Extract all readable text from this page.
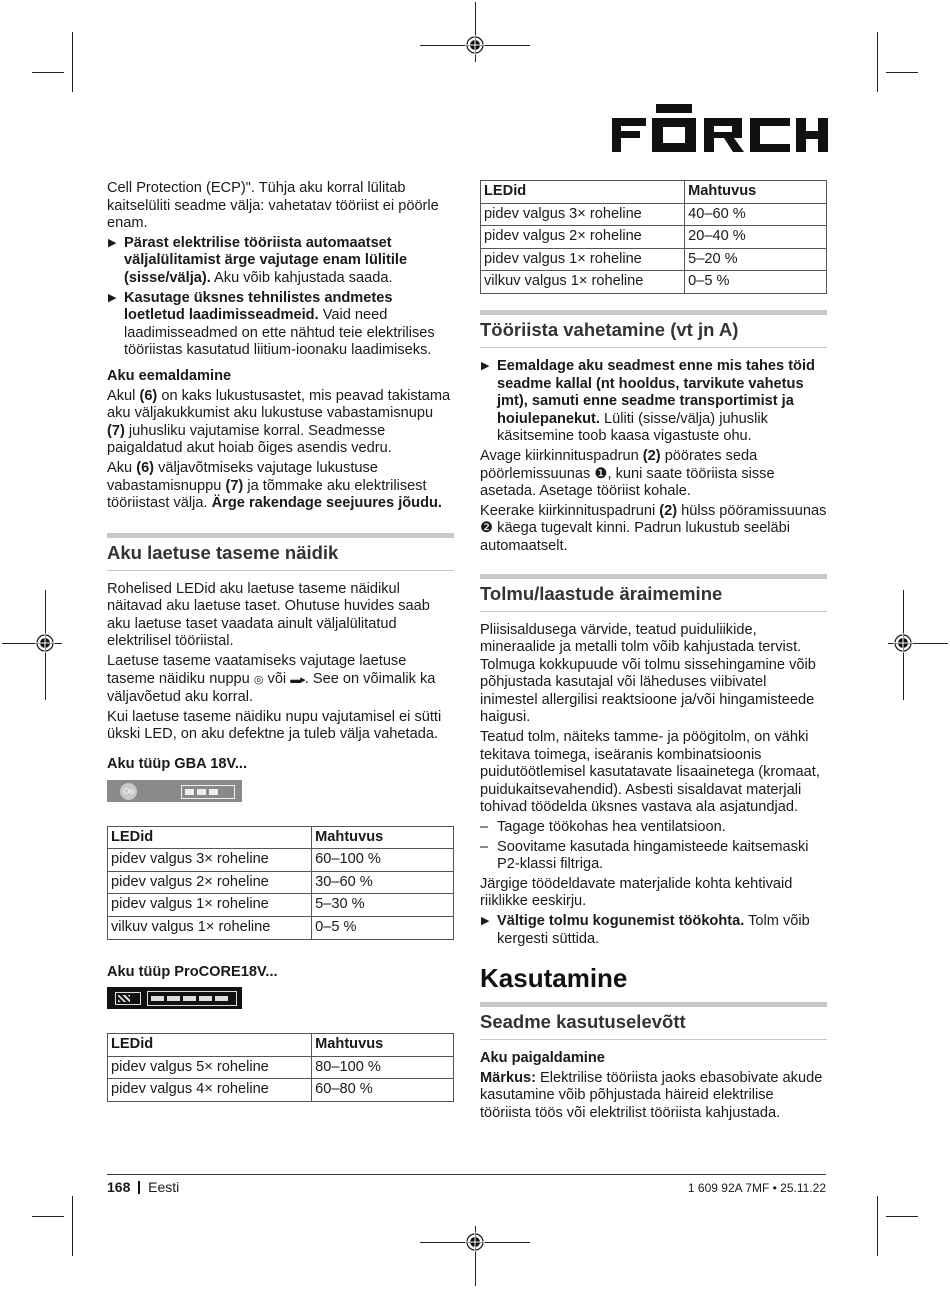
Cell Protection (ECP)". Tühja aku korral lülitab kaitselüliti seadme välja: vahetatav tööriist ei pöörle enam.

▶ Pärast elektrilise tööriista automaatset väljalülitamist ärge vajutage enam lülitile (sisse/välja). Aku võib kahjustada saada.
▶ Kasutage üksnes tehnilistes andmetes loetletud laadimisseadmeid. Vaid need laadimisseadmed on ette nähtud teie elektrilises tööriistas kasutatud liitium-ioonaku laadimiseks.
Aku eemaldamine

Akul (6) on kaks lukustusastet, mis peavad takistama aku väljakukkumist aku lukustuse vabastamisnupu (7) juhusliku vajutamise korral. Seadmesse paigaldatud akut hoiab õiges asendis vedru.

Aku (6) väljavõtmiseks vajutage lukustuse vabastamisnuppu (7) ja tõmmake aku elektrilisest tööriistast välja. Ärge rakendage seejuures jõudu.

Aku laetuse taseme näidik

Rohelised LEDid aku laetuse taseme näidikul näitavad aku laetuse taset. Ohutuse huvides saab aku laetuse taset vaadata ainult väljalülitatud elektrilisel tööriistal.

Laetuse taseme vaatamiseks vajutage laetuse taseme näidiku nuppu ◎ või ▬▸. See on võimalik ka väljavõetud aku korral.

Kui laetuse taseme näidiku nupu vajutamisel ei sütti ükski LED, on aku defektne ja tuleb välja vahetada.

Aku tüüp GBA 18V...
On
LEDid	Mahtuvus
pidev valgus 3× roheline	60–100 %
pidev valgus 2× roheline	30–60 %
pidev valgus 1× roheline	5–30 %
vilkuv valgus 1× roheline	0–5 %
Aku tüüp ProCORE18V...
LEDid	Mahtuvus
pidev valgus 5× roheline	80–100 %
pidev valgus 4× roheline	60–80 %
LEDid	Mahtuvus
pidev valgus 3× roheline	40–60 %
pidev valgus 2× roheline	20–40 %
pidev valgus 1× roheline	5–20 %
vilkuv valgus 1× roheline	0–5 %
Tööriista vahetamine (vt jn A)
▶ Eemaldage aku seadmest enne mis tahes töid seadme kallal (nt hooldus, tarvikute vahetus jmt), samuti enne seadme transportimist ja hoiulepanekut. Lüliti (sisse/välja) juhuslik käsitsemine toob kaasa vigastuste ohu.

Avage kiirkinnituspadrun (2) pöörates seda pöörlemissuunas ❶, kuni saate tööriista sisse asetada. Asetage tööriist kohale.

Keerake kiirkinnituspadruni (2) hülss pööramissuunas ❷ käega tugevalt kinni. Padrun lukustub seeläbi automaatselt.

Tolmu/laastude äraimemine

Pliisisaldusega värvide, teatud puiduliikide, mineraalide ja metalli tolm võib kahjustada tervist. Tolmuga kokkupuude või tolmu sissehingamine võib põhjustada kasutajal või läheduses viibivatel inimestel allergilisi reaktsioone ja/või hingamisteede haigusi.

Teatud tolm, näiteks tamme- ja pöögitolm, on vähki tekitava toimega, iseäranis kombinatsioonis puidutöötlemisel kasutatavate lisaainetega (kromaat, puidukaitsevahendid). Asbesti sisaldavat materjali tohivad töödelda üksnes vastava ala asjatundjad.

– Tagage töökohas hea ventilatsioon.
– Soovitame kasutada hingamisteede kaitsemaski P2-klassi filtriga.

Järgige töödeldavate materjalide kohta kehtivaid riiklikke eeskirju.

▶ Vältige tolmu kogunemist töökohta. Tolm võib kergesti süttida.
Kasutamine
Seadme kasutuselevõtt
Aku paigaldamine

Märkus: Elektrilise tööriista jaoks ebasobivate akude kasutamine võib põhjustada häireid elektrilise tööriista töös või elektrilist tööriista kahjustada.

168 Eesti	1 609 92A 7MF • 25.11.22
